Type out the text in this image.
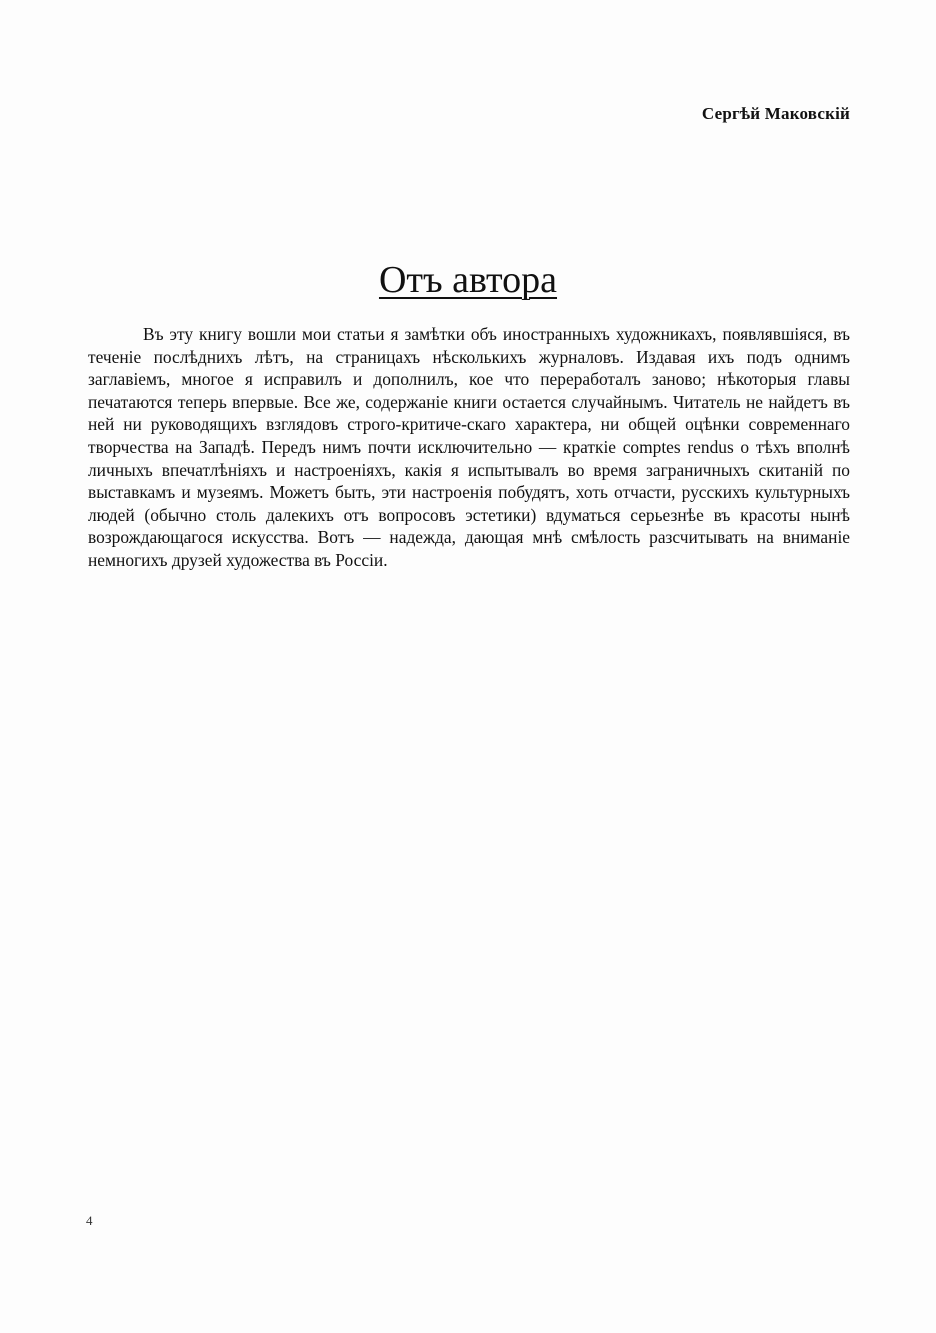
Сергѣй Маковскій
Отъ автора

Въ эту книгу вошли мои статьи я замѣтки объ иностранныхъ художникахъ, появлявшіяся, въ теченіе послѣднихъ лѣтъ, на страницахъ нѣсколькихъ журналовъ. Издавая ихъ подъ однимъ заглавіемъ, многое я исправилъ и дополнилъ, кое что переработалъ заново; нѣкоторыя главы печатаются теперь впервые. Все же, содержаніе книги остается случайнымъ. Читатель не найдетъ въ ней ни руководящихъ взглядовъ строго-критиче-скаго характера, ни общей оцѣнки современнаго творчества на Западѣ. Передъ нимъ почти исключительно — краткіе comptes rendus о тѣхъ вполнѣ личныхъ впечатлѣніяхъ и настроеніяхъ, какія я испытывалъ во время заграничныхъ скитаній по выставкамъ и музеямъ. Можетъ быть, эти настроенія побудятъ, хоть отчасти, русскихъ культурныхъ людей (обычно столь далекихъ отъ вопросовъ эстетики) вдуматься серьезнѣе въ красоты нынѣ возрождающагося искусства. Вотъ — надежда, дающая мнѣ смѣлость разсчитывать на вниманіе немногихъ друзей художества въ Россіи.

4
